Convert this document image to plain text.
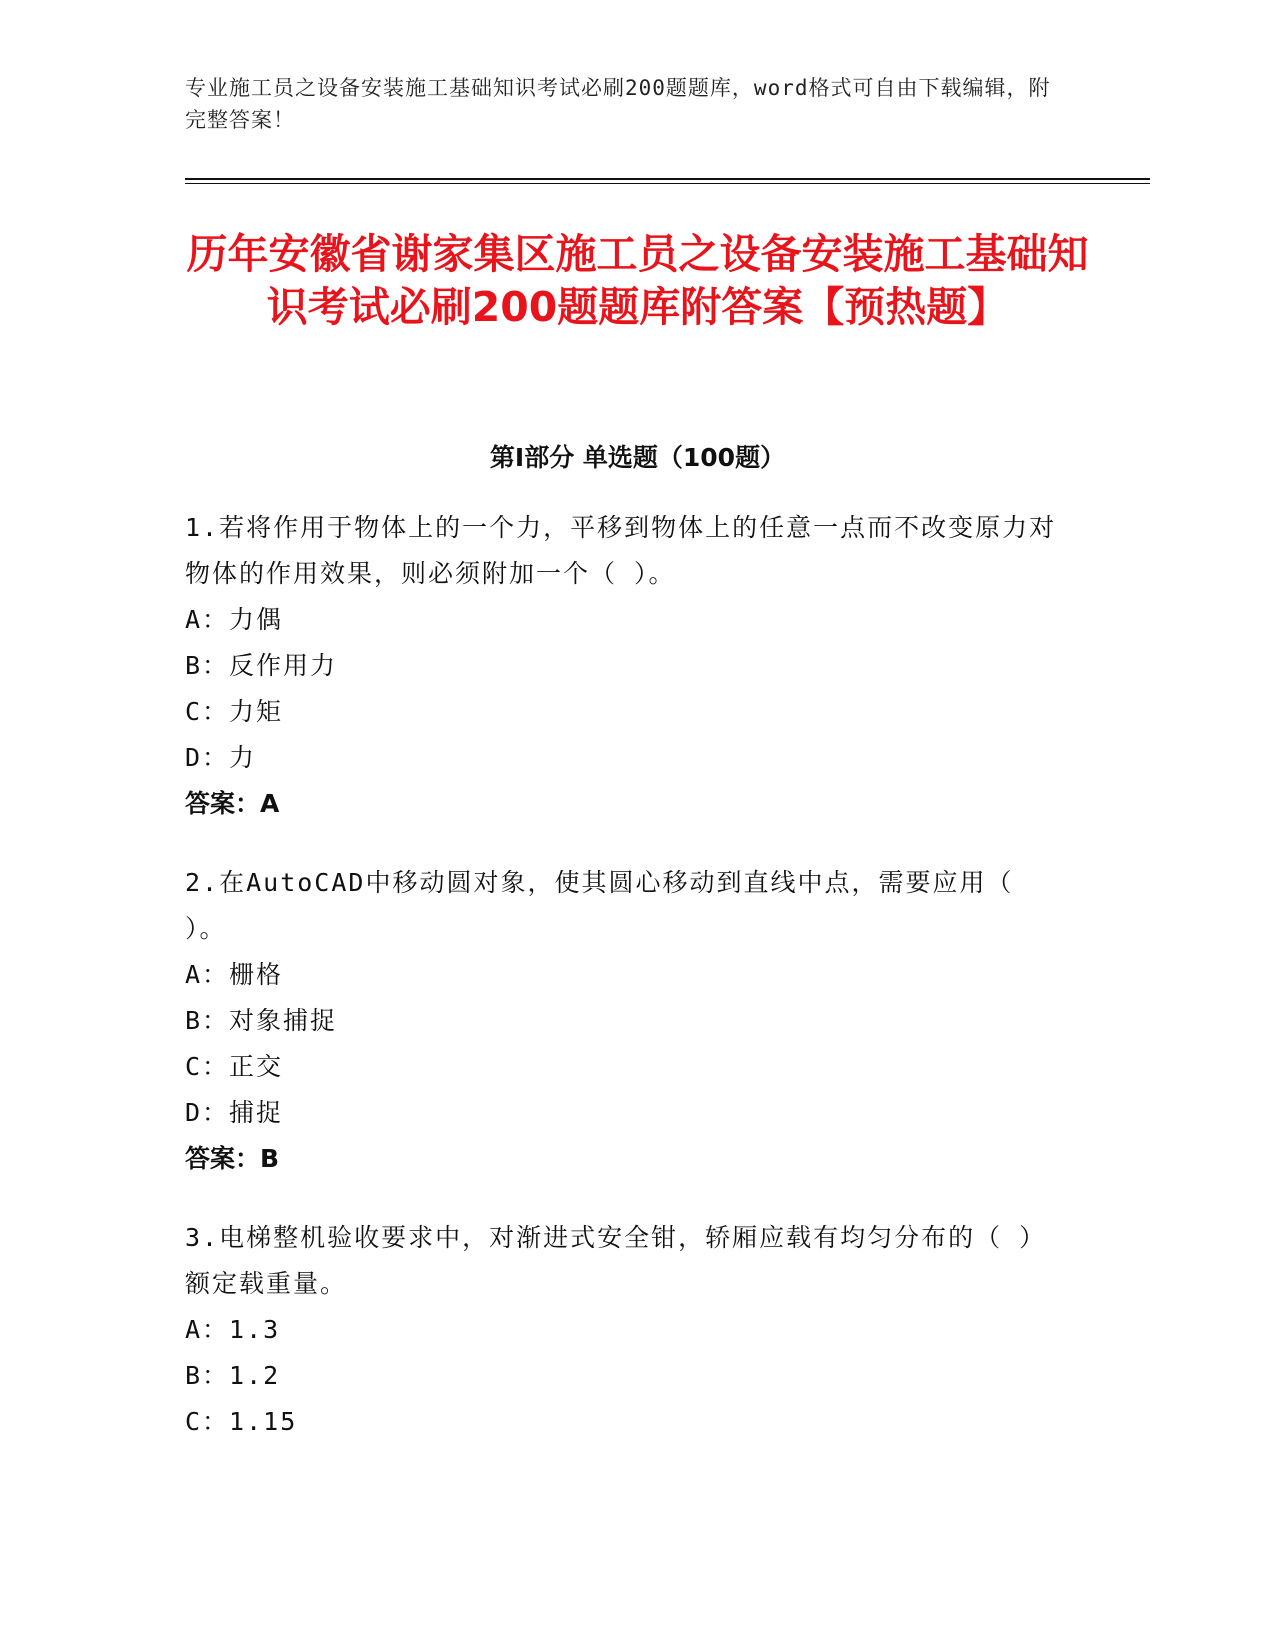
专业施工员之设备安装施工基础知识考试必刷200题题库，word格式可自由下载编辑，附完整答案！
历年安徽省谢家集区施工员之设备安装施工基础知识考试必刷200题题库附答案【预热题】
第I部分 单选题（100题）
1.若将作用于物体上的一个力，平移到物体上的任意一点而不改变原力对物体的作用效果，则必须附加一个（ ）。
A：力偶
B：反作用力
C：力矩
D：力
答案：A
2.在AutoCAD中移动圆对象，使其圆心移动到直线中点，需要应用（ ）。
A：栅格
B：对象捕捉
C：正交
D：捕捉
答案：B
3.电梯整机验收要求中，对渐进式安全钳，轿厢应载有均匀分布的（ ）额定载重量。
A：1.3
B：1.2
C：1.15
